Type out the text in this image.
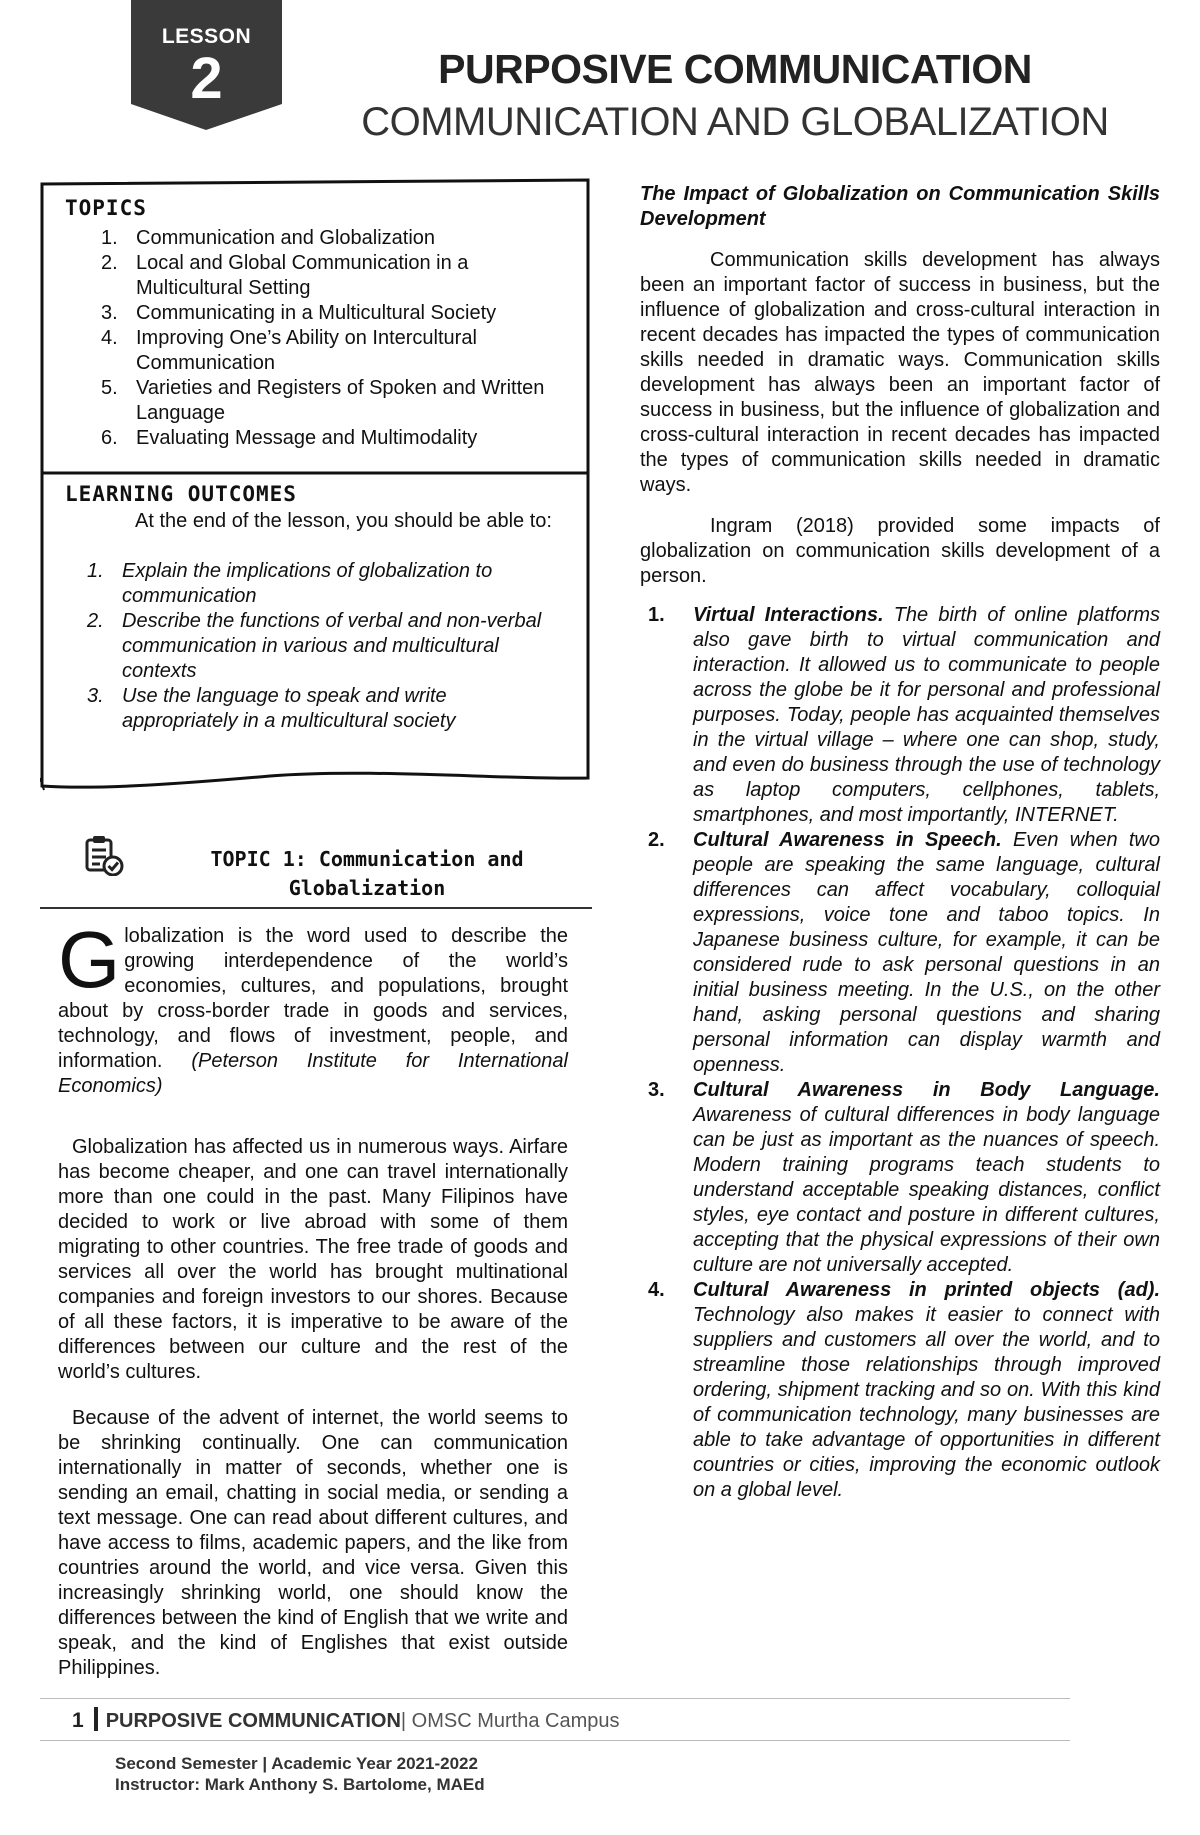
LESSON
2	PURPOSIVE COMMUNICATION
COMMUNICATION AND GLOBALIZATION
TOPICS
1. Communication and Globalization
2. Local and Global Communication in a Multicultural Setting
3. Communicating in a Multicultural Society
4. Improving One’s Ability on Intercultural Communication
5. Varieties and Registers of Spoken and Written Language
6. Evaluating Message and Multimodality
LEARNING OUTCOMES
At the end of the lesson, you should be able to:
1. Explain the implications of globalization to communication
2. Describe the functions of verbal and non-verbal communication in various and multicultural contexts
3. Use the language to speak and write appropriately in a multicultural society
TOPIC 1: Communication and
Globalization
Globalization is the word used to describe the growing interdependence of the world’s economies, cultures, and populations, brought about by cross-border trade in goods and services, technology, and flows of investment, people, and information. (Peterson Institute for International Economics)
Globalization has affected us in numerous ways. Airfare has become cheaper, and one can travel internationally more than one could in the past. Many Filipinos have decided to work or live abroad with some of them migrating to other countries. The free trade of goods and services all over the world has brought multinational companies and foreign investors to our shores. Because of all these factors, it is imperative to be aware of the differences between our culture and the rest of the world’s cultures.
Because of the advent of internet, the world seems to be shrinking continually. One can communication internationally in matter of seconds, whether one is sending an email, chatting in social media, or sending a text message. One can read about different cultures, and have access to films, academic papers, and the like from countries around the world, and vice versa. Given this increasingly shrinking world, one should know the differences between the kind of English that we write and speak, and the kind of Englishes that exist outside Philippines.
The Impact of Globalization on Communication Skills Development
Communication skills development has always been an important factor of success in business, but the influence of globalization and cross-cultural interaction in recent decades has impacted the types of communication skills needed in dramatic ways. Communication skills development has always been an important factor of success in business, but the influence of globalization and cross-cultural interaction in recent decades has impacted the types of communication skills needed in dramatic ways.
Ingram (2018) provided some impacts of globalization on communication skills development of a person.
1. Virtual Interactions. The birth of online platforms also gave birth to virtual communication and interaction. It allowed us to communicate to people across the globe be it for personal and professional purposes. Today, people has acquainted themselves in the virtual village – where one can shop, study, and even do business through the use of technology as laptop computers, cellphones, tablets, smartphones, and most importantly, INTERNET.
2. Cultural Awareness in Speech. Even when two people are speaking the same language, cultural differences can affect vocabulary, colloquial expressions, voice tone and taboo topics. In Japanese business culture, for example, it can be considered rude to ask personal questions in an initial business meeting. In the U.S., on the other hand, asking personal questions and sharing personal information can display warmth and openness.
3. Cultural Awareness in Body Language. Awareness of cultural differences in body language can be just as important as the nuances of speech. Modern training programs teach students to understand acceptable speaking distances, conflict styles, eye contact and posture in different cultures, accepting that the physical expressions of their own culture are not universally accepted.
4. Cultural Awareness in printed objects (ad). Technology also makes it easier to connect with suppliers and customers all over the world, and to streamline those relationships through improved ordering, shipment tracking and so on. With this kind of communication technology, many businesses are able to take advantage of opportunities in different countries or cities, improving the economic outlook on a global level.
1 PURPOSIVE COMMUNICATION| OMSC Murtha Campus
Second Semester | Academic Year 2021-2022
Instructor: Mark Anthony S. Bartolome, MAEd
